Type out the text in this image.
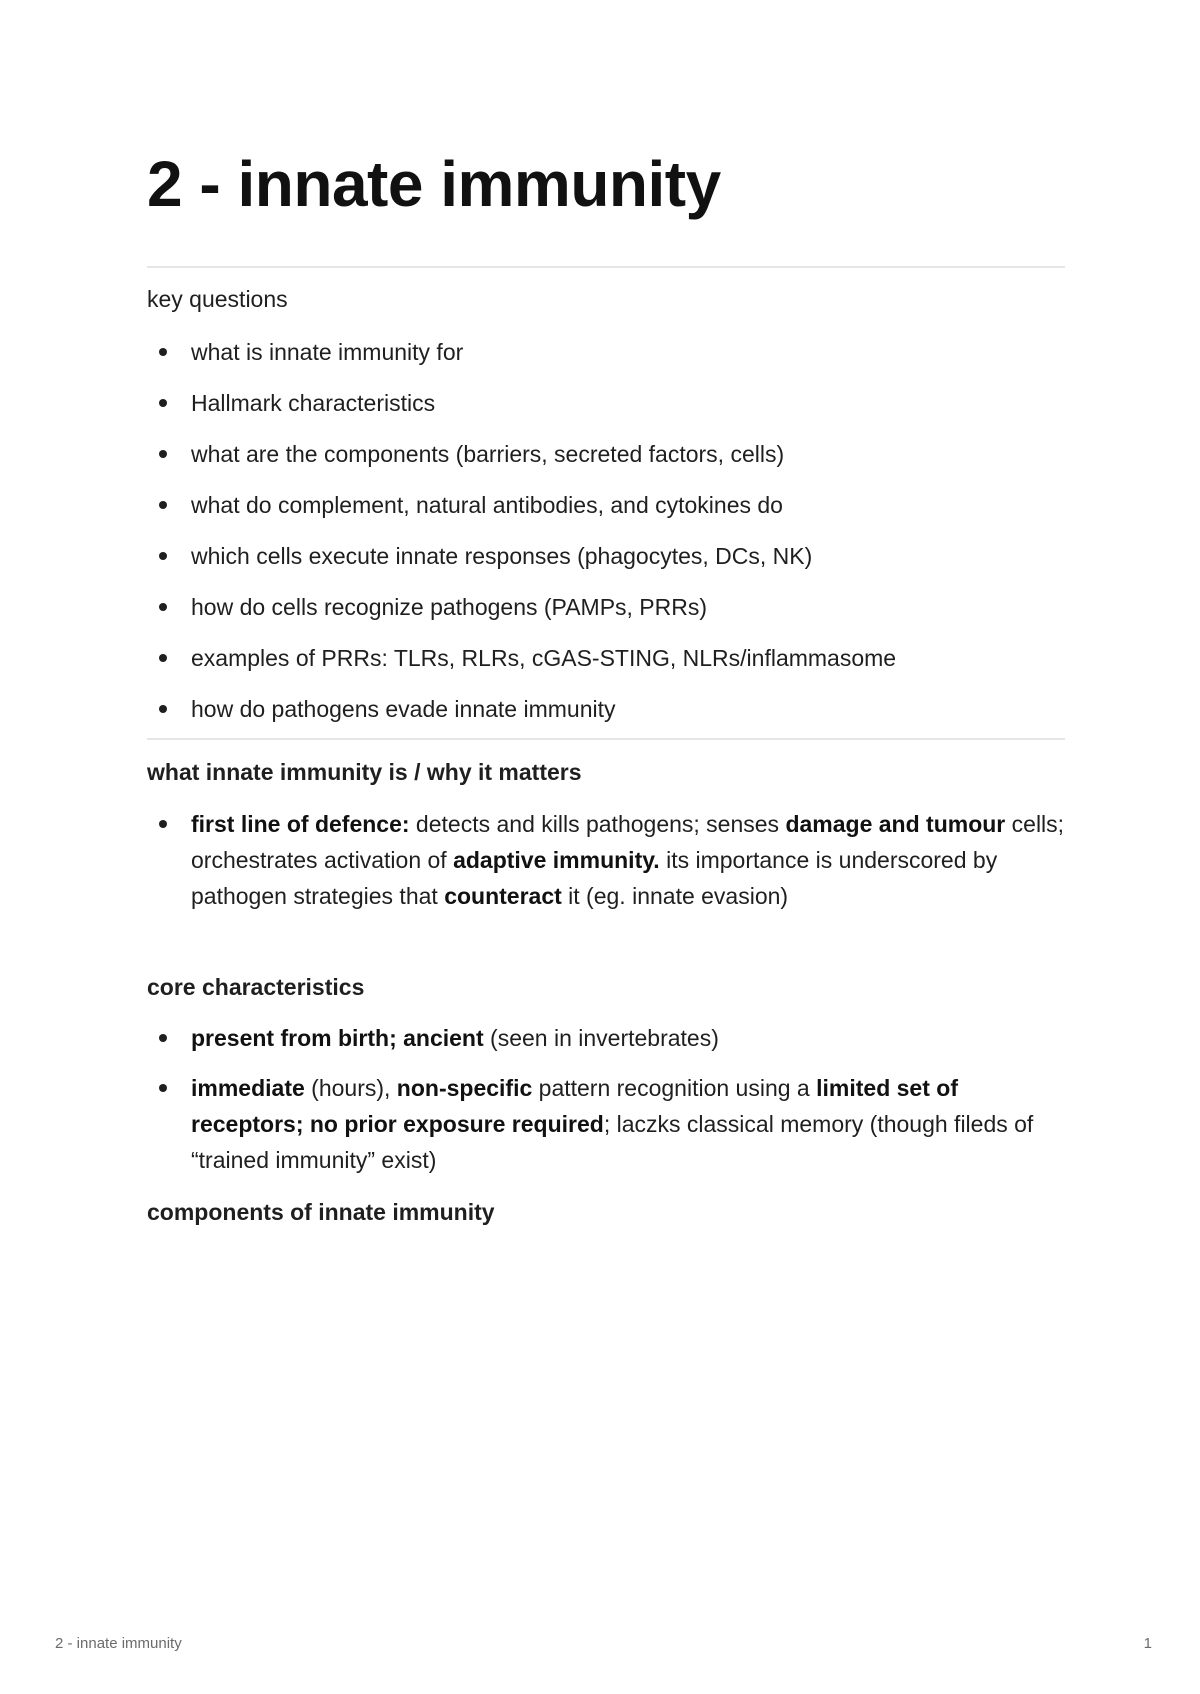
2 - innate immunity

key questions

what is innate immunity for
Hallmark characteristics
what are the components (barriers, secreted factors, cells)
what do complement, natural antibodies, and cytokines do
which cells execute innate responses (phagocytes, DCs, NK)
how do cells recognize pathogens (PAMPs, PRRs)
examples of PRRs: TLRs, RLRs, cGAS-STING, NLRs/inflammasome
how do pathogens evade innate immunity

what innate immunity is / why it matters

first line of defence: detects and kills pathogens; senses damage and tumour cells; orchestrates activation of adaptive immunity. its importance is underscored by pathogen strategies that counteract it (eg. innate evasion)

core characteristics

present from birth; ancient (seen in invertebrates)
immediate (hours), non-specific pattern recognition using a limited set of receptors; no prior exposure required; laczks classical memory (though fileds of “trained immunity” exist)

components of innate immunity

2 - innate immunity	1
